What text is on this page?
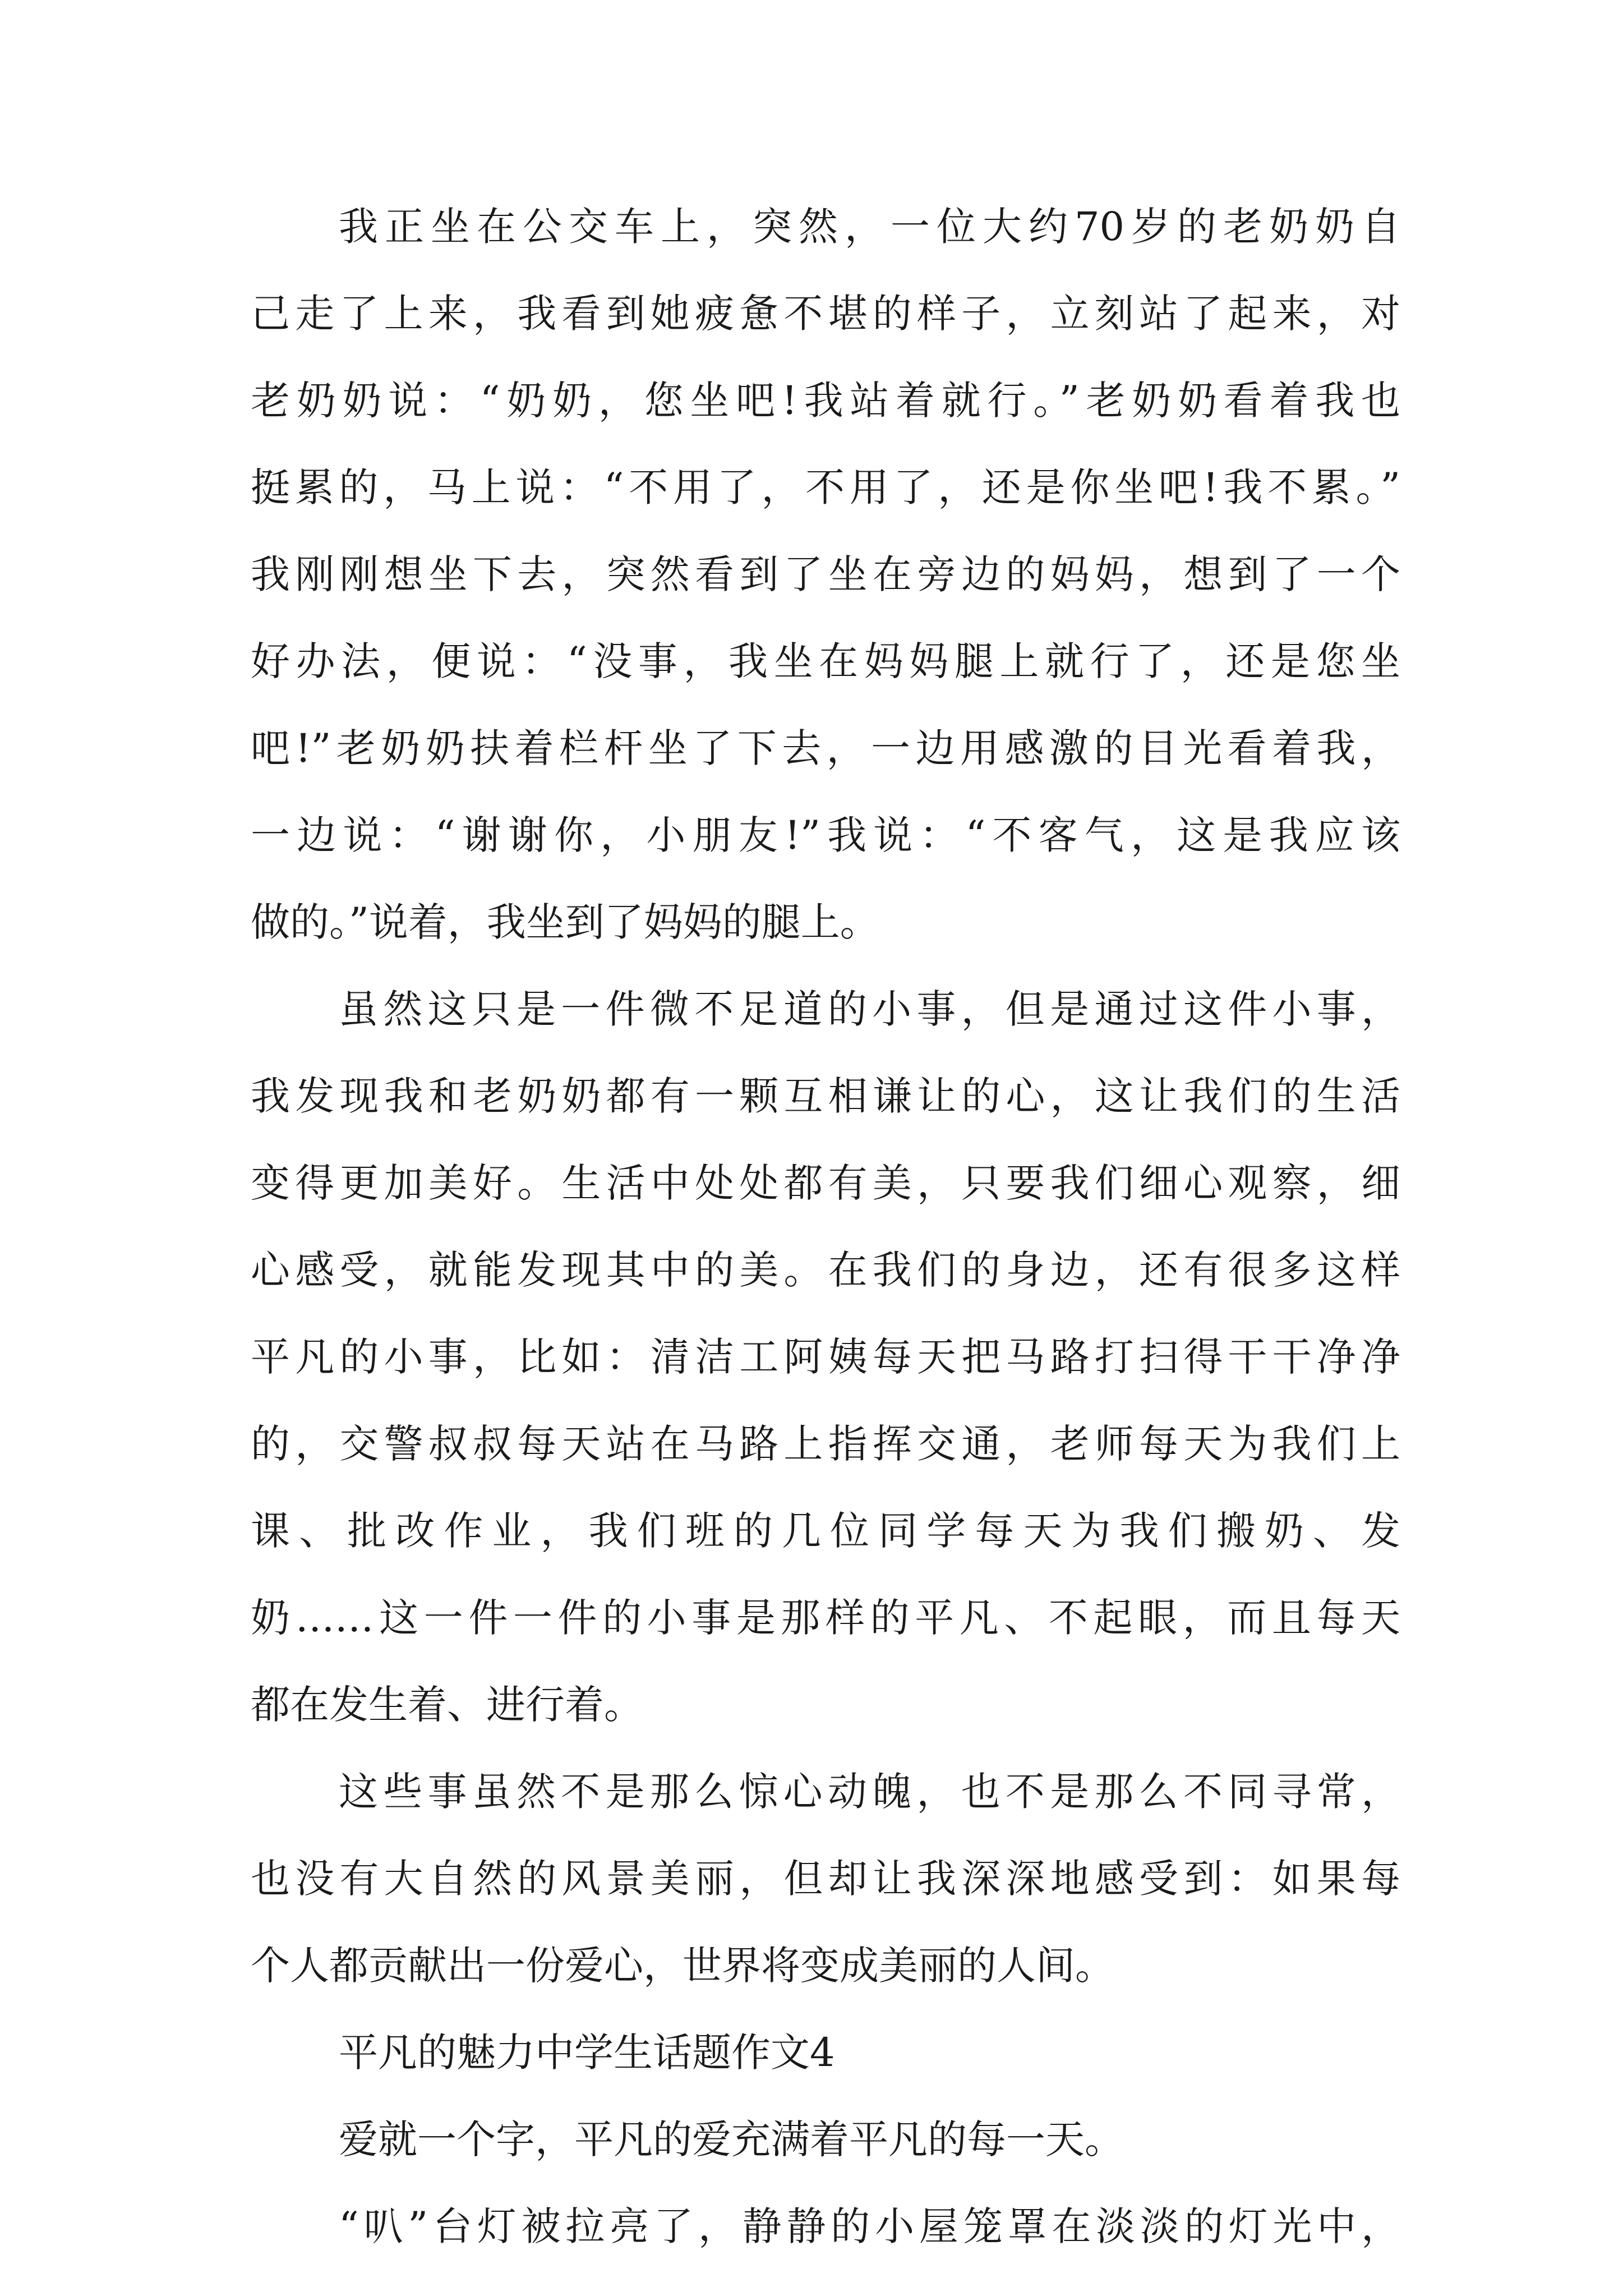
我正坐在公交车上，突然，一位大约70岁的老奶奶自

己走了上来，我看到她疲惫不堪的样子，立刻站了起来，对

老奶奶说：“奶奶，您坐吧!我站着就行。”老奶奶看着我也

挺累的，马上说：“不用了，不用了，还是你坐吧!我不累。”

我刚刚想坐下去，突然看到了坐在旁边的妈妈，想到了一个

好办法，便说：“没事，我坐在妈妈腿上就行了，还是您坐

吧!”老奶奶扶着栏杆坐了下去，一边用感激的目光看着我，

一边说：“谢谢你，小朋友!”我说：“不客气，这是我应该

做的。”说着，我坐到了妈妈的腿上。

虽然这只是一件微不足道的小事，但是通过这件小事，

我发现我和老奶奶都有一颗互相谦让的心，这让我们的生活

变得更加美好。生活中处处都有美，只要我们细心观察，细

心感受，就能发现其中的美。在我们的身边，还有很多这样

平凡的小事，比如：清洁工阿姨每天把马路打扫得干干净净

的，交警叔叔每天站在马路上指挥交通，老师每天为我们上

课、批改作业，我们班的几位同学每天为我们搬奶、发

奶……这一件一件的小事是那样的平凡、不起眼，而且每天

都在发生着、进行着。

这些事虽然不是那么惊心动魄，也不是那么不同寻常，

也没有大自然的风景美丽，但却让我深深地感受到：如果每

个人都贡献出一份爱心，世界将变成美丽的人间。

平凡的魅力中学生话题作文4

爱就一个字，平凡的爱充满着平凡的每一天。

“叭”台灯被拉亮了，静静的小屋笼罩在淡淡的灯光中，
